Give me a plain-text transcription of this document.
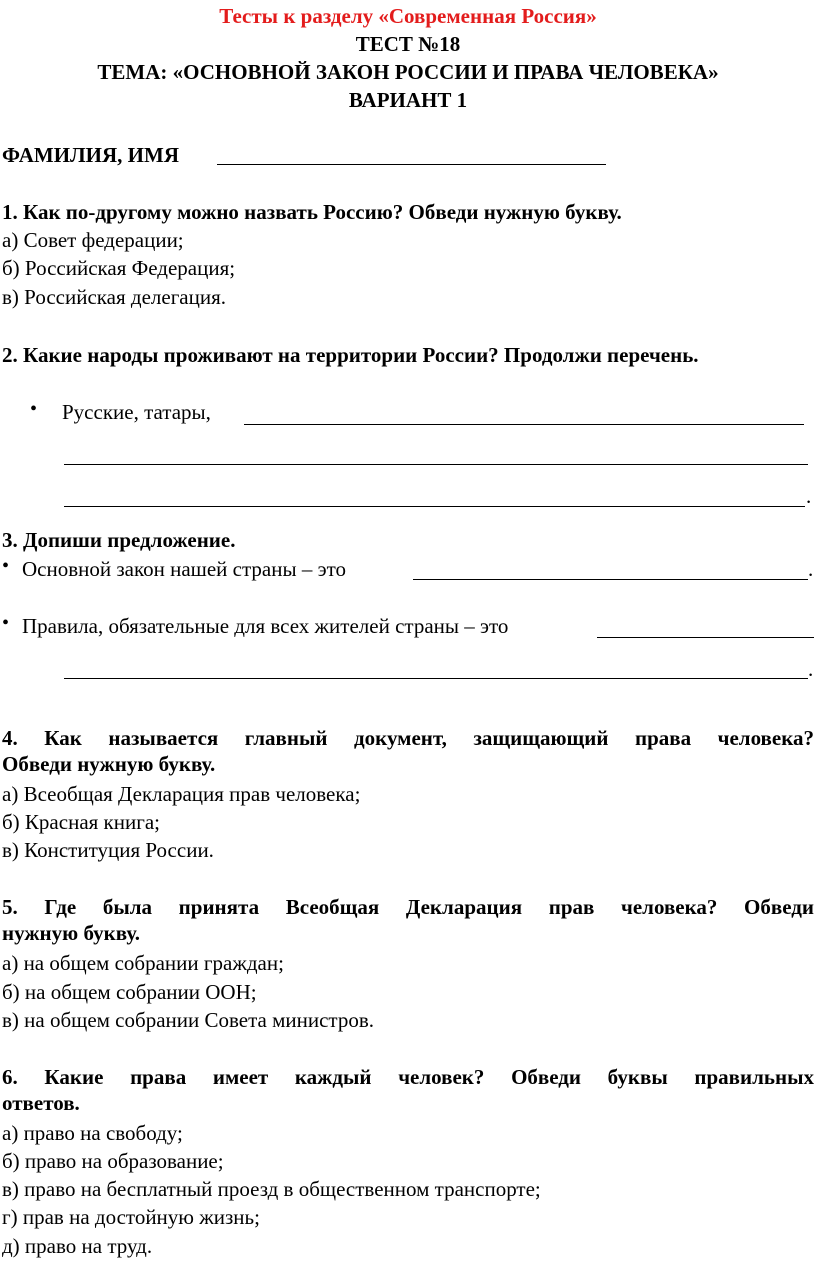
Тесты к разделу «Современная Россия»
ТЕСТ №18
ТЕМА: «ОСНОВНОЙ ЗАКОН РОССИИ И ПРАВА ЧЕЛОВЕКА»
ВАРИАНТ 1
ФАМИЛИЯ, ИМЯ
1. Как по-другому можно назвать Россию? Обведи нужную букву.
а) Совет федерации;
б) Российская Федерация;
в) Российская делегация.
2. Какие народы проживают на территории России? Продолжи перечень.
• Русские, татары,
.
3. Допиши предложение.
• Основной закон нашей страны – это	.
• Правила, обязательные для всех жителей страны – это
.
4. Как называется главный документ, защищающий права человека?
Обведи нужную букву.
а) Всеобщая Декларация прав человека;
б) Красная книга;
в) Конституция России.
5. Где была принята Всеобщая Декларация прав человека? Обведи
нужную букву.
а) на общем собрании граждан;
б) на общем собрании ООН;
в) на общем собрании Совета министров.
6. Какие права имеет каждый человек? Обведи буквы правильных
ответов.
а) право на свободу;
б) право на образование;
в) право на бесплатный проезд в общественном транспорте;
г) прав на достойную жизнь;
д) право на труд.
